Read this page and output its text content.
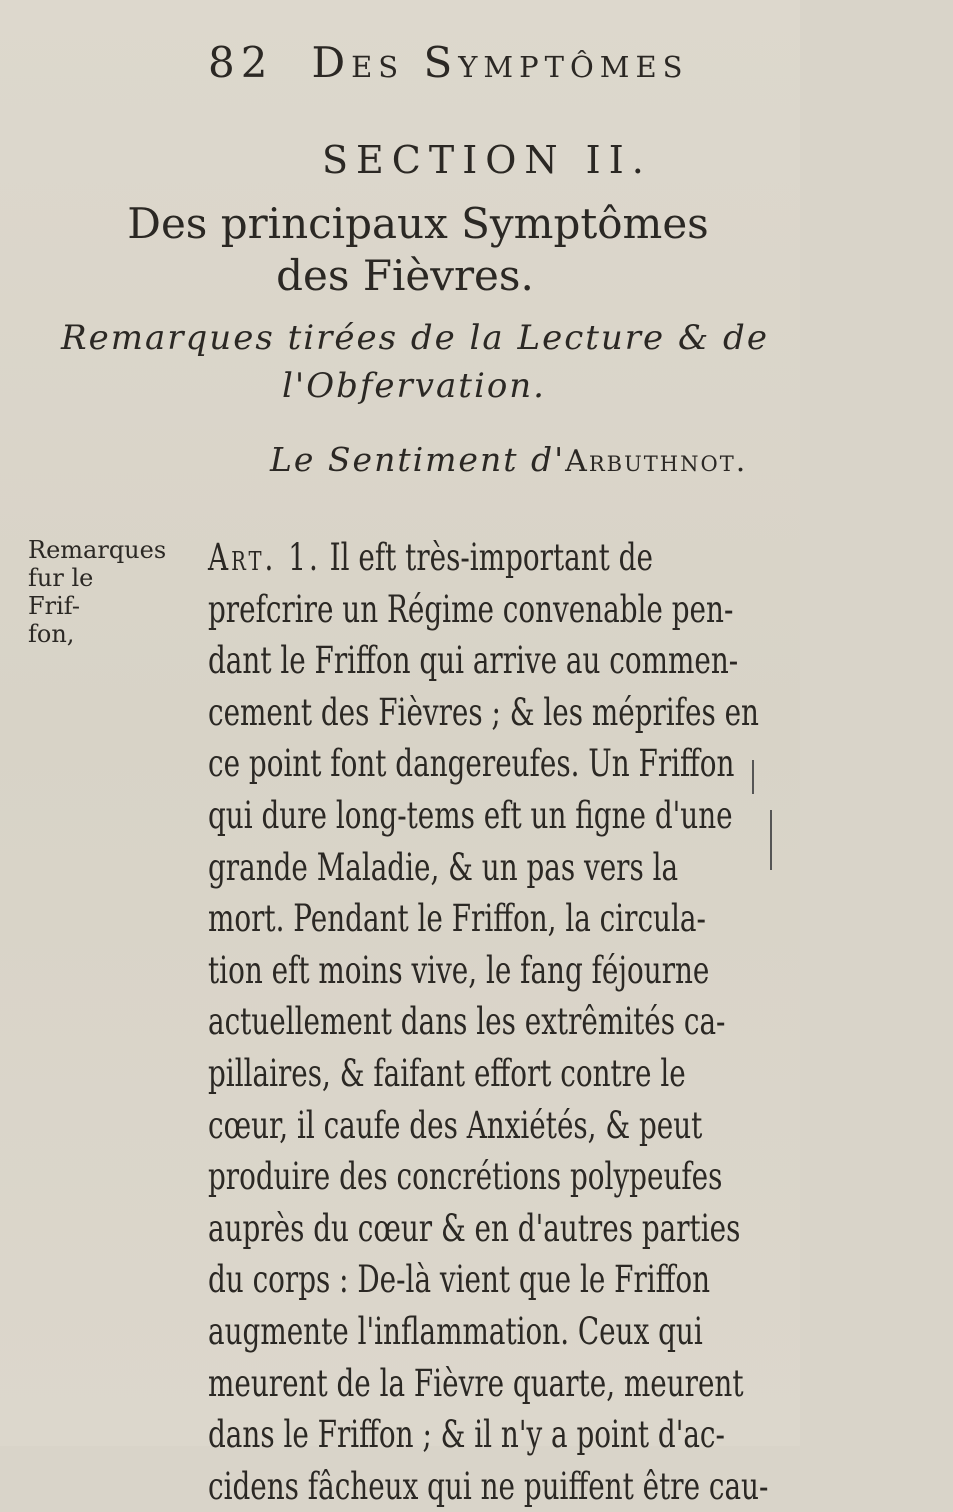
82 Des Symptômes
SECTION II.
Des principaux Symptômes
des Fièvres.
Remarques tirées de la Lecture & de
l'Obfervation.
Le Sentiment d'Arbuthnot.
Remarques
fur le Frif-
fon,
Art. 1. Il eft très-important de
prefcrire un Régime convenable pen-
dant le Friffon qui arrive au commen-
cement des Fièvres ; & les méprifes en
ce point font dangereufes. Un Friffon
qui dure long-tems eft un figne d'une
grande Maladie, & un pas vers la
mort. Pendant le Friffon, la circula-
tion eft moins vive, le fang féjourne
actuellement dans les extrêmités ca-
pillaires, & faifant effort contre le
cœur, il caufe des Anxiétés, & peut
produire des concrétions polypeufes
auprès du cœur & en d'autres parties
du corps : De-là vient que le Friffon
augmente l'inflammation. Ceux qui
meurent de la Fièvre quarte, meurent
dans le Friffon ; & il n'y a point d'ac-
cidens fâcheux qui ne puiffent être cau-
